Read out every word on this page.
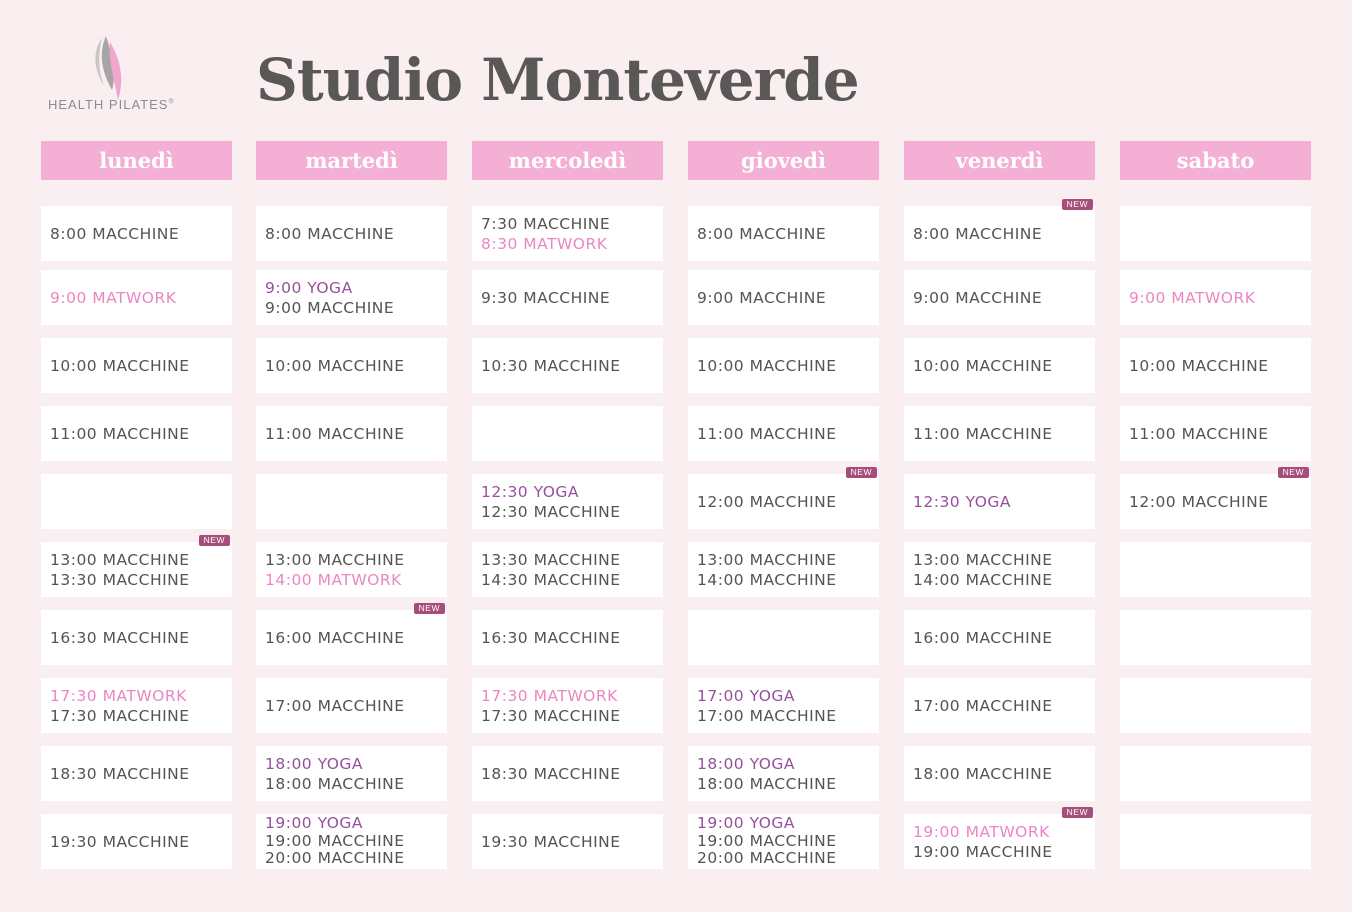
HEALTH PILATES® Studio Monteverde
lunedì
8:00 MACCHINE
9:00 MATWORK
10:00 MACCHINE
11:00 MACCHINE
13:00 MACCHINE
13:30 MACCHINE
NEW
16:30 MACCHINE
17:30 MATWORK
17:30 MACCHINE
18:30 MACCHINE
19:30 MACCHINE
martedì
8:00 MACCHINE
9:00 YOGA
9:00 MACCHINE
10:00 MACCHINE
11:00 MACCHINE
13:00 MACCHINE
14:00 MATWORK
16:00 MACCHINE
NEW
17:00 MACCHINE
18:00 YOGA
18:00 MACCHINE
19:00 YOGA
19:00 MACCHINE
20:00 MACCHINE
mercoledì
7:30 MACCHINE
8:30 MATWORK
9:30 MACCHINE
10:30 MACCHINE
12:30 YOGA
12:30 MACCHINE
13:30 MACCHINE
14:30 MACCHINE
16:30 MACCHINE
17:30 MATWORK
17:30 MACCHINE
18:30 MACCHINE
19:30 MACCHINE
giovedì
8:00 MACCHINE
9:00 MACCHINE
10:00 MACCHINE
11:00 MACCHINE
12:00 MACCHINE
NEW
13:00 MACCHINE
14:00 MACCHINE
17:00 YOGA
17:00 MACCHINE
18:00 YOGA
18:00 MACCHINE
19:00 YOGA
19:00 MACCHINE
20:00 MACCHINE
venerdì
8:00 MACCHINE
NEW
9:00 MACCHINE
10:00 MACCHINE
11:00 MACCHINE
12:30 YOGA
13:00 MACCHINE
14:00 MACCHINE
16:00 MACCHINE
17:00 MACCHINE
18:00 MACCHINE
19:00 MATWORK
19:00 MACCHINE
NEW
sabato
9:00 MATWORK
10:00 MACCHINE
11:00 MACCHINE
12:00 MACCHINE
NEW
